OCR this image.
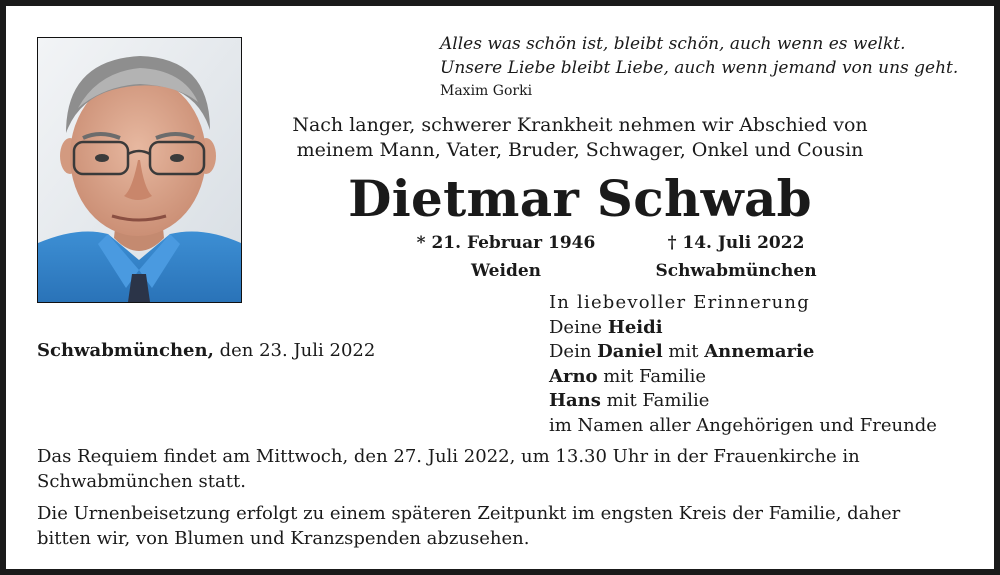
Alles was schön ist, bleibt schön, auch wenn es welkt.
Unsere Liebe bleibt Liebe, auch wenn jemand von uns geht.
Maxim Gorki
Nach langer, schwerer Krankheit nehmen wir Abschied von
meinem Mann, Vater, Bruder, Schwager, Onkel und Cousin
Dietmar Schwab
* 21. Februar 1946	† 14. Juli 2022
Weiden	Schwabmünchen
In liebevoller Erinnerung
Deine Heidi
Dein Daniel mit Annemarie
Arno mit Familie
Hans mit Familie
im Namen aller Angehörigen und Freunde
Schwabmünchen, den 23. Juli 2022
Das Requiem findet am Mittwoch, den 27. Juli 2022, um 13.30 Uhr in der Frauenkirche in Schwabmünchen statt.
Die Urnenbeisetzung erfolgt zu einem späteren Zeitpunkt im engsten Kreis der Familie, daher bitten wir, von Blumen und Kranzspenden abzusehen.
